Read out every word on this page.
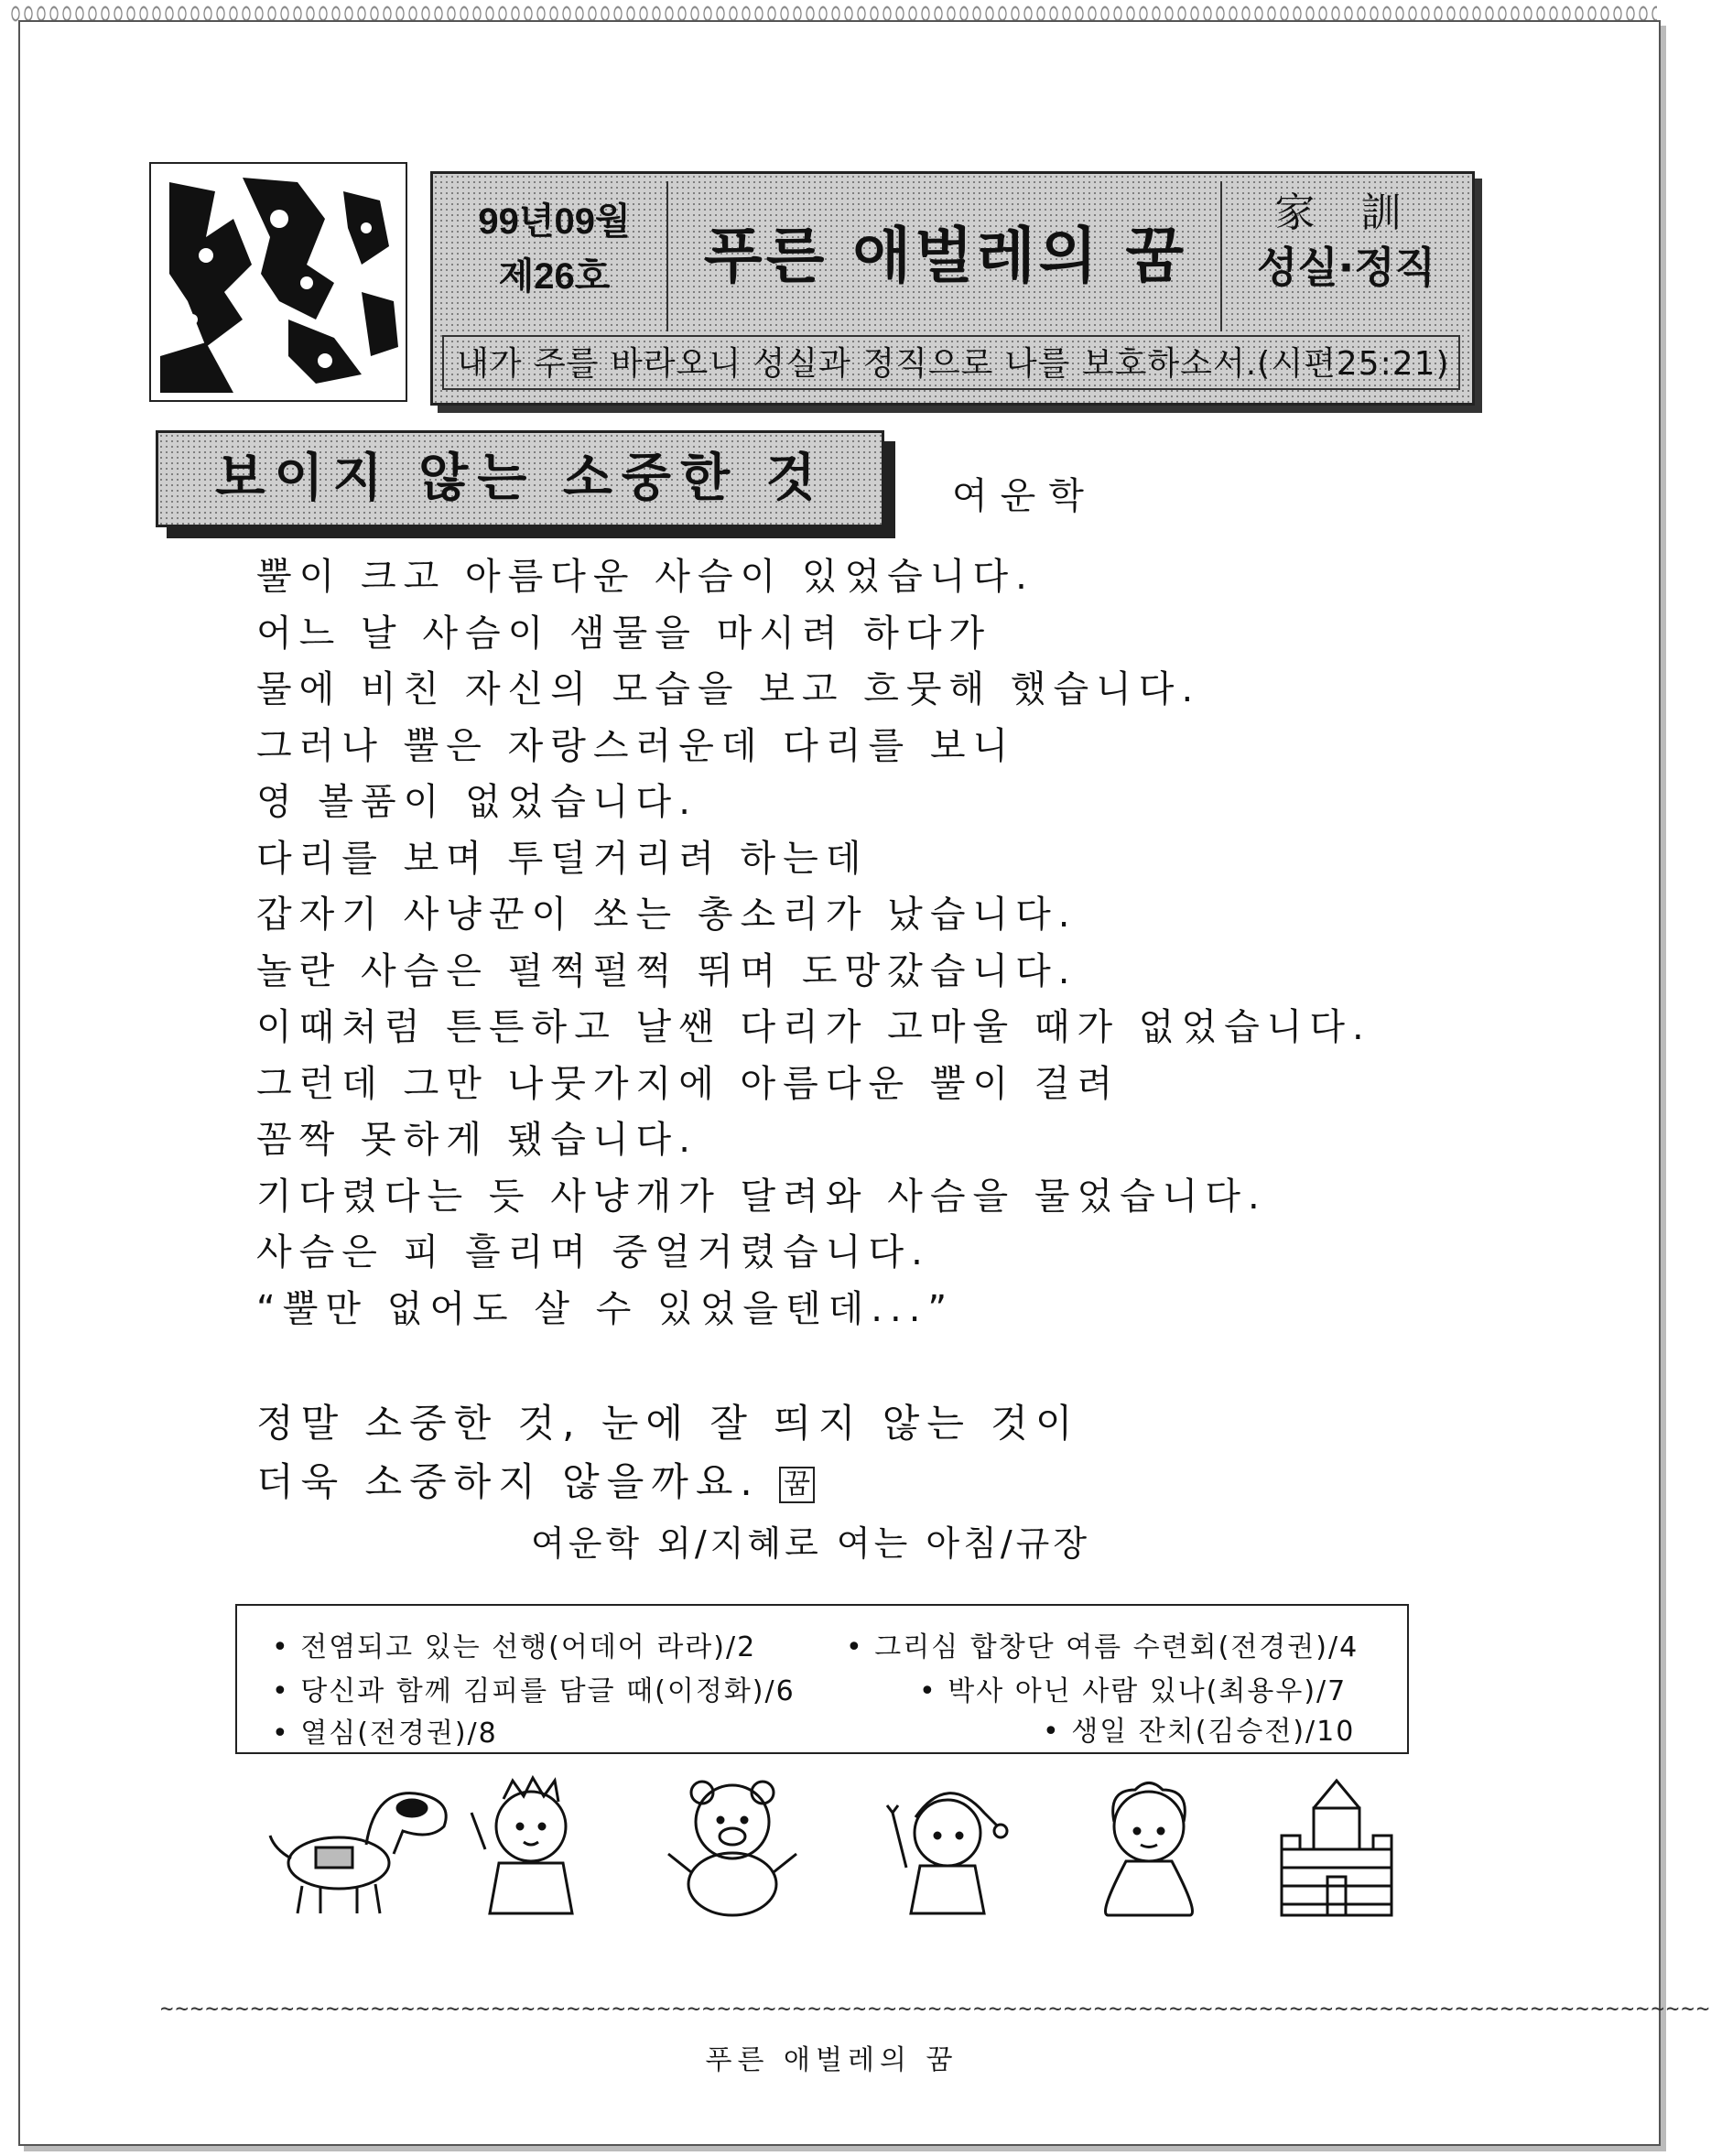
99년09월
제26호	푸른 애벌레의 꿈
家 訓
성실·정직
내가 주를 바라오니 성실과 정직으로 나를 보호하소서.(시편25:21)
보이지 않는 소중한 것	여운학
뿔이 크고 아름다운 사슴이 있었습니다.
어느 날 사슴이 샘물을 마시려 하다가
물에 비친 자신의 모습을 보고 흐뭇해 했습니다.
그러나 뿔은 자랑스러운데 다리를 보니
영 볼품이 없었습니다.
다리를 보며 투덜거리려 하는데
갑자기 사냥꾼이 쏘는 총소리가 났습니다.
놀란 사슴은 펄쩍펄쩍 뛰며 도망갔습니다.
이때처럼 튼튼하고 날쌘 다리가 고마울 때가 없었습니다.
그런데 그만 나뭇가지에 아름다운 뿔이 걸려
꼼짝 못하게 됐습니다.
기다렸다는 듯 사냥개가 달려와 사슴을 물었습니다.
사슴은 피 흘리며 중얼거렸습니다.
“뿔만 없어도 살 수 있었을텐데...”
정말 소중한 것, 눈에 잘 띄지 않는 것이
더욱 소중하지 않을까요. 꿈
여운학 외/지혜로 여는 아침/규장
• 전염되고 있는 선행(어데어 라라)/2	• 그리심 합창단 여름 수련회(전경권)/4
• 당신과 함께 김피를 담글 때(이정화)/6	• 박사 아닌 사람 있나(최용우)/7
• 열심(전경권)/8	• 생일 잔치(김승전)/10
~~~~~~~~~~~~~~~~~~~~~~~~~~~~~~~~~~~~~~~~~~~~~~~~~~~~~~~~~~~~~~~~~~~~~~~~~~~~~~~~~~~~~~~~~~~~~~~~~~~~~~~
푸른 애벌레의 꿈
